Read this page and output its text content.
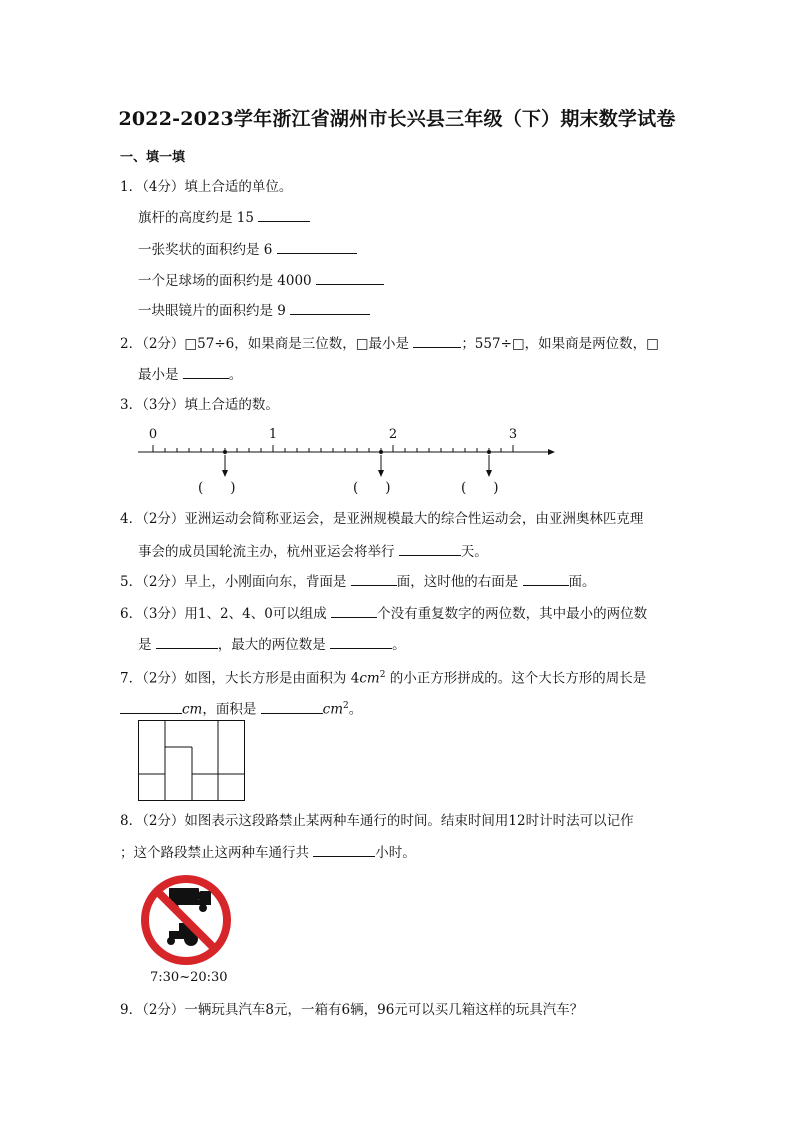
2022-2023学年浙江省湖州市长兴县三年级（下）期末数学试卷
一、填一填
1．（4分）填上合适的单位。
旗杆的高度约是 15
一张奖状的面积约是 6
一个足球场的面积约是 4000
一块眼镜片的面积约是 9
2．（2分）□57÷6，如果商是三位数，□最小是	；557÷□，如果商是两位数，□
最小是	。
3．（3分）填上合适的数。
0	1	2	3
(　　)	(　　)	(　　)
4．（2分）亚洲运动会简称亚运会，是亚洲规模最大的综合性运动会，由亚洲奥林匹克理
事会的成员国轮流主办，杭州亚运会将举行	天。
5．（2分）早上，小刚面向东，背面是	面，这时他的右面是	面。
6．（3分）用1、2、4、0可以组成	个没有重复数字的两位数，其中最小的两位数
是	，最大的两位数是	。
7．（2分）如图，大长方形是由面积为 $4cm^2$ 的小正方形拼成的。这个大长方形的周长是
cm，面积是	$cm^2$。
8．（2分）如图表示这段路禁止某两种车通行的时间。结束时间用12时计时法可以记作
；这个路段禁止这两种车通行共	小时。
7:30~20:30
9．（2分）一辆玩具汽车8元，一箱有6辆，96元可以买几箱这样的玩具汽车？
